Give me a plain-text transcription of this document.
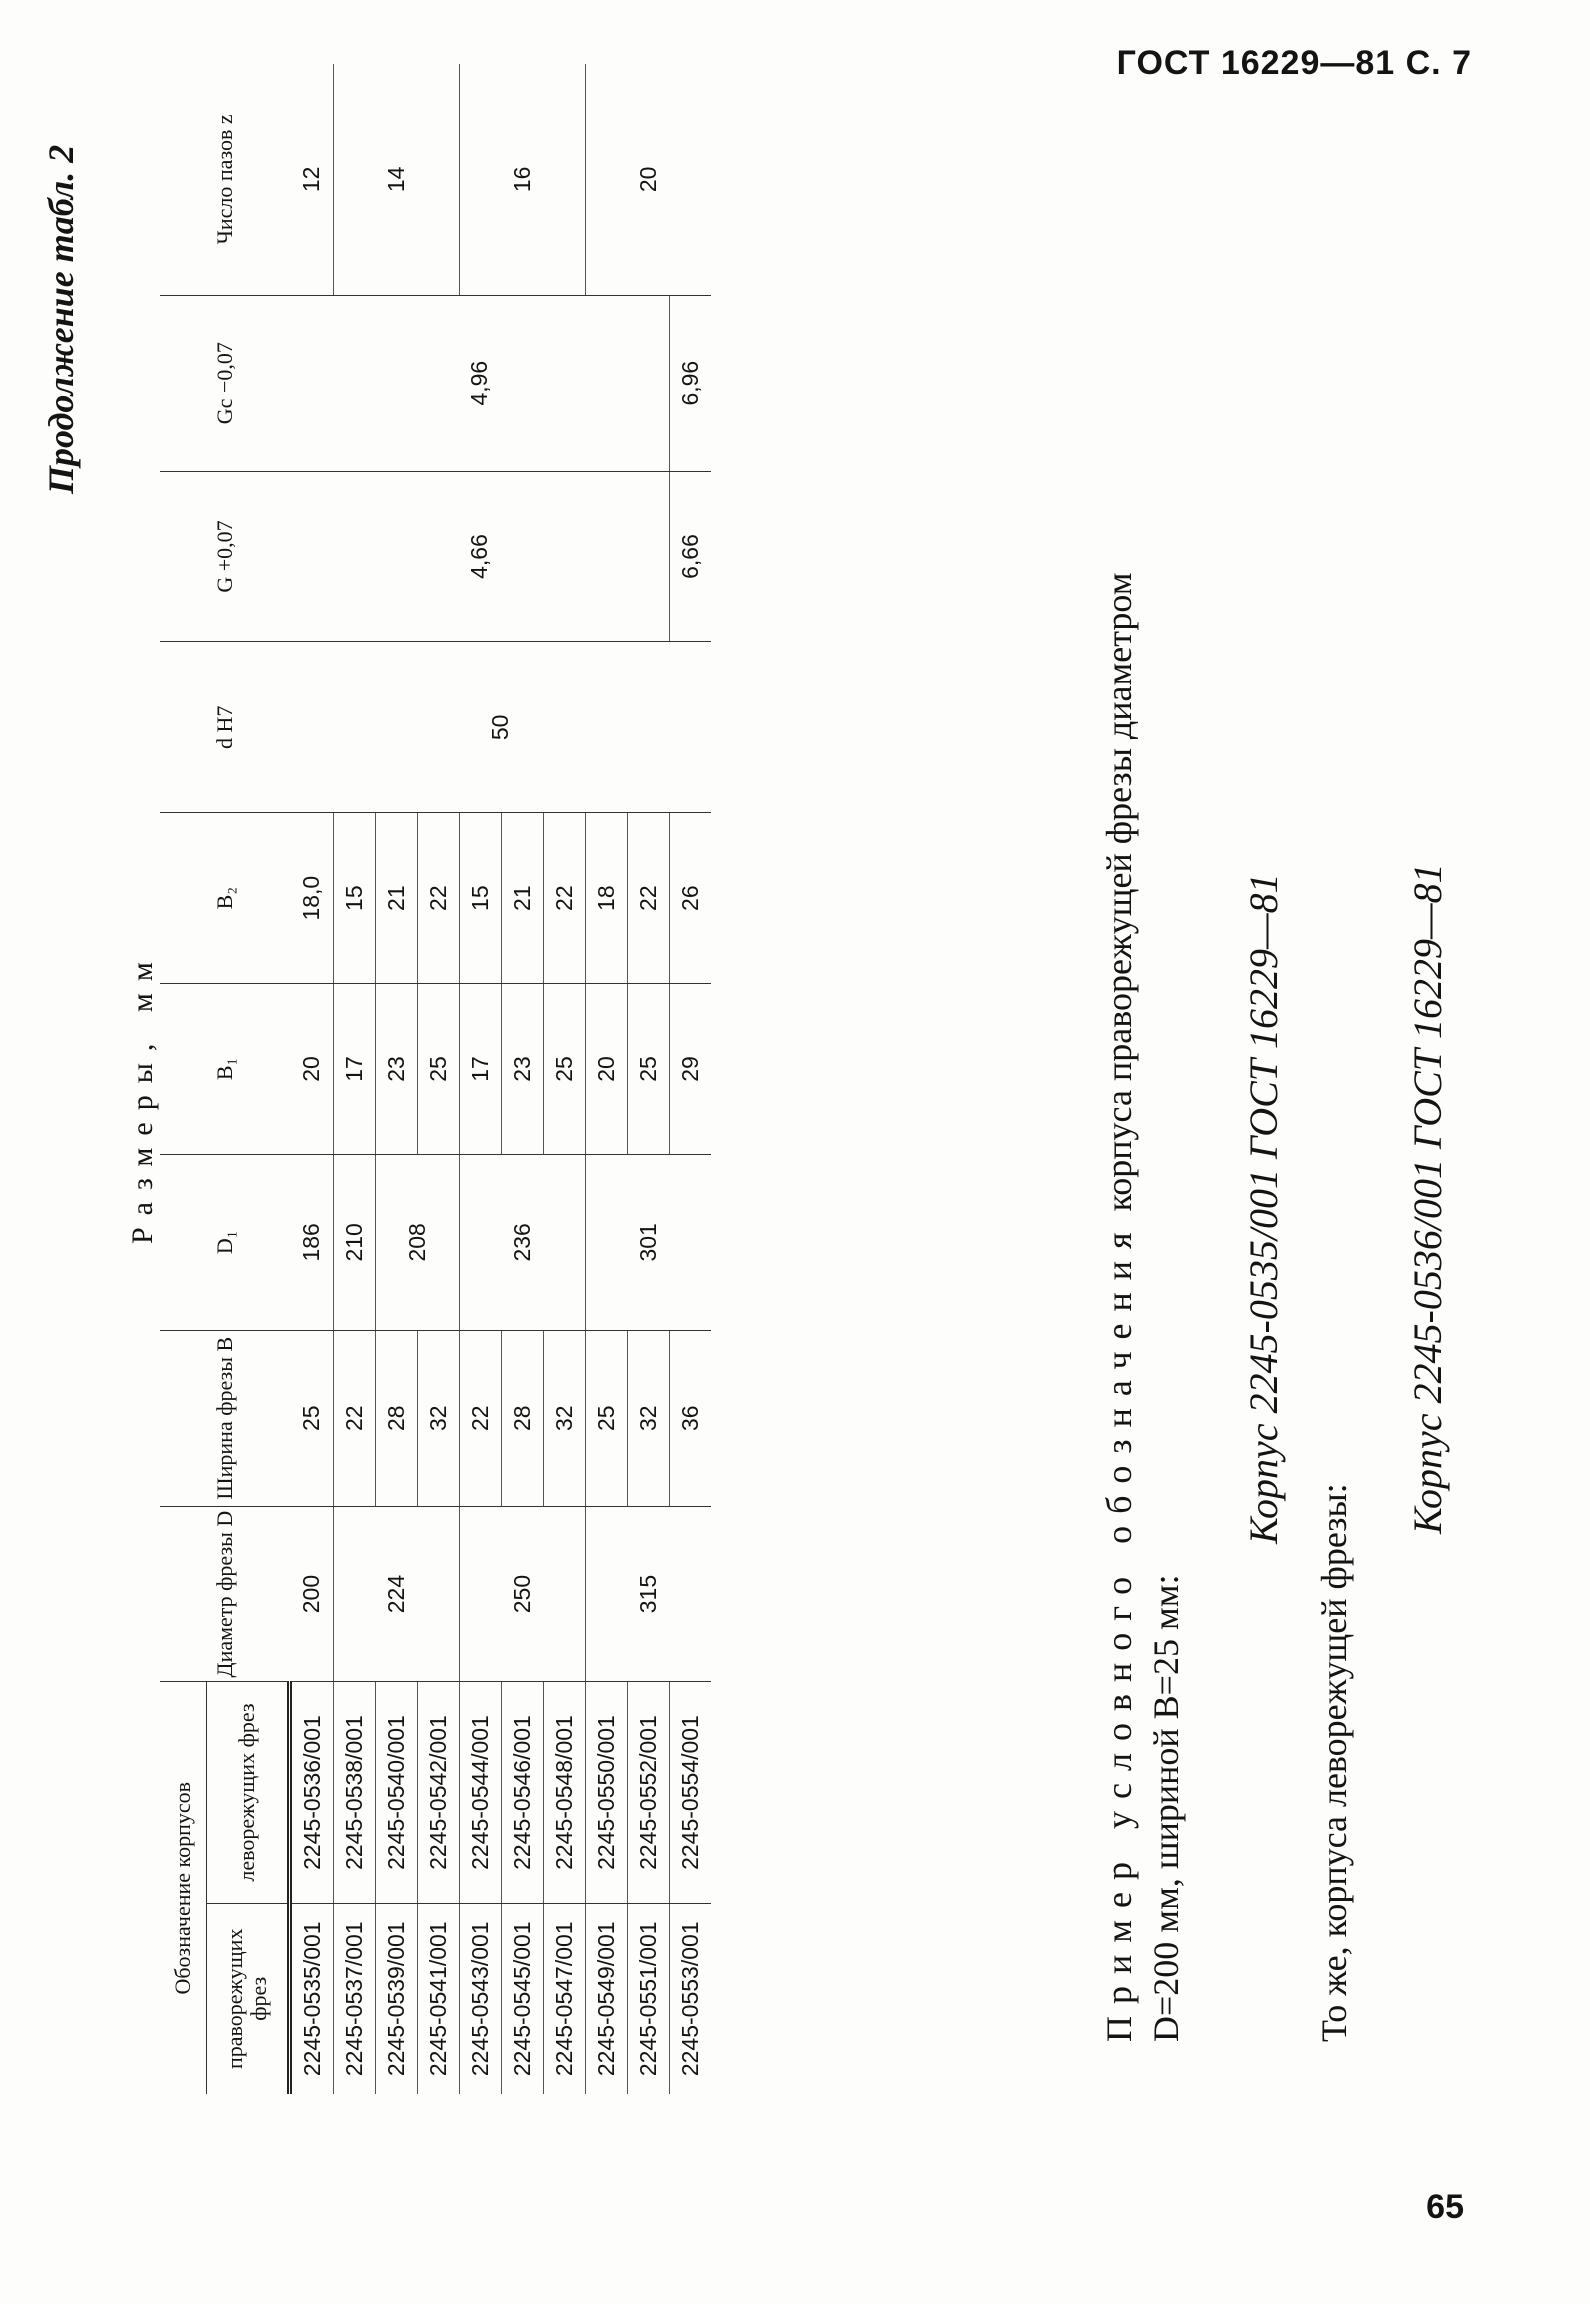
ГОСТ 16229—81 С. 7
Продолжение табл. 2
Размеры, мм
Обозначение корпусов		Диаметр фрезы D	Ширина фрезы B	D₁	B₁	B₂	d H7	G +0,07	Gc −0,07	Число пазов z
праворежущих фрез	леворежущих фрез									
2245-0535/001	2245-0536/001	200	25	186	20	18,0	50	4,66	4,96	12
2245-0537/001	2245-0538/001	224	22	210	17	15				14
2245-0539/001	2245-0540/001		28	208	23	21				
2245-0541/001	2245-0542/001		32		25	22				
2245-0543/001	2245-0544/001	250	22	236	17	15				16
2245-0545/001	2245-0546/001		28		23	21				
2245-0547/001	2245-0548/001		32		25	22				
2245-0549/001	2245-0550/001	315	25	301	20	18				20
2245-0551/001	2245-0552/001		32		25	22				
2245-0553/001	2245-0554/001		36		29	26		6,66	6,96	
Пример условного обозначения корпуса праворежущей фрезы диаметром
D=200 мм, шириной B=25 мм:
Корпус 2245-0535/001 ГОСТ 16229—81
То же, корпуса леворежущей фрезы:
Корпус 2245-0536/001 ГОСТ 16229—81
65
